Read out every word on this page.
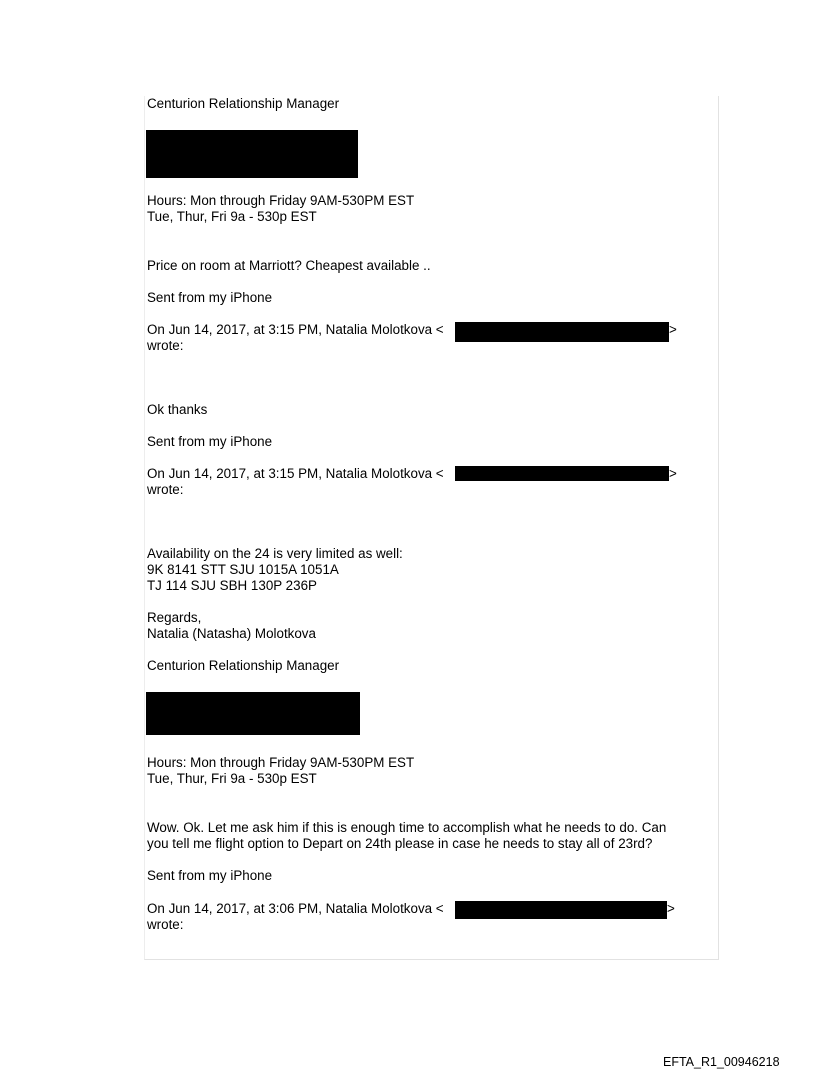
Centurion Relationship Manager
Hours: Mon through Friday 9AM-530PM EST
Tue, Thur, Fri 9a - 530p EST
Price on room at Marriott? Cheapest available ..
Sent from my iPhone
On Jun 14, 2017, at 3:15 PM, Natalia Molotkova <	>
wrote:
Ok thanks
Sent from my iPhone
On Jun 14, 2017, at 3:15 PM, Natalia Molotkova <	>
wrote:
Availability on the 24 is very limited as well:
9K 8141 STT SJU 1015A 1051A
TJ 114 SJU SBH 130P 236P
Regards,
Natalia (Natasha) Molotkova
Centurion Relationship Manager
Hours: Mon through Friday 9AM-530PM EST
Tue, Thur, Fri 9a - 530p EST
Wow. Ok. Let me ask him if this is enough time to accomplish what he needs to do. Can
you tell me flight option to Depart on 24th please in case he needs to stay all of 23rd?
Sent from my iPhone
On Jun 14, 2017, at 3:06 PM, Natalia Molotkova <	>
wrote:
EFTA_R1_00946218
